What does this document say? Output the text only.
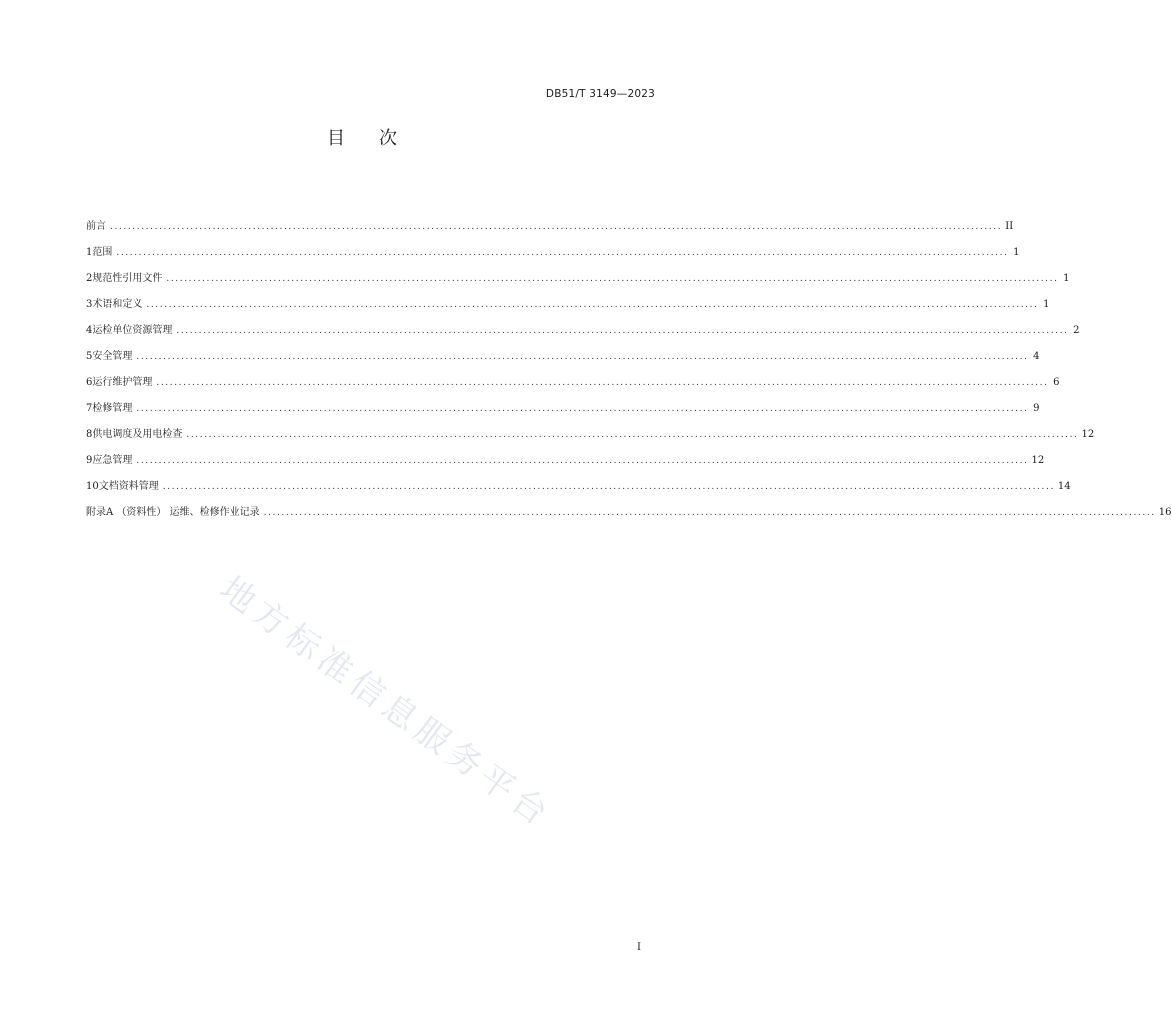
DB51/T 3149—2023
目 次
前言 ........................................................................................................................................................................................................ II
1 范围 ........................................................................................................................................................................................................ 1
2 规范性引用文件 ........................................................................................................................................................................................................ 1
3 术语和定义 ........................................................................................................................................................................................................ 1
4 运检单位资源管理 ........................................................................................................................................................................................................ 2
5 安全管理 ........................................................................................................................................................................................................ 4
6 运行维护管理 ........................................................................................................................................................................................................ 6
7 检修管理 ........................................................................................................................................................................................................ 9
8 供电调度及用电检查 ........................................................................................................................................................................................................ 12
9 应急管理 ........................................................................................................................................................................................................ 12
10 文档资料管理 ........................................................................................................................................................................................................ 14
附录A （资料性） 运维、检修作业记录 ........................................................................................................................................................................................................ 16
地方标准信息服务平台
I
